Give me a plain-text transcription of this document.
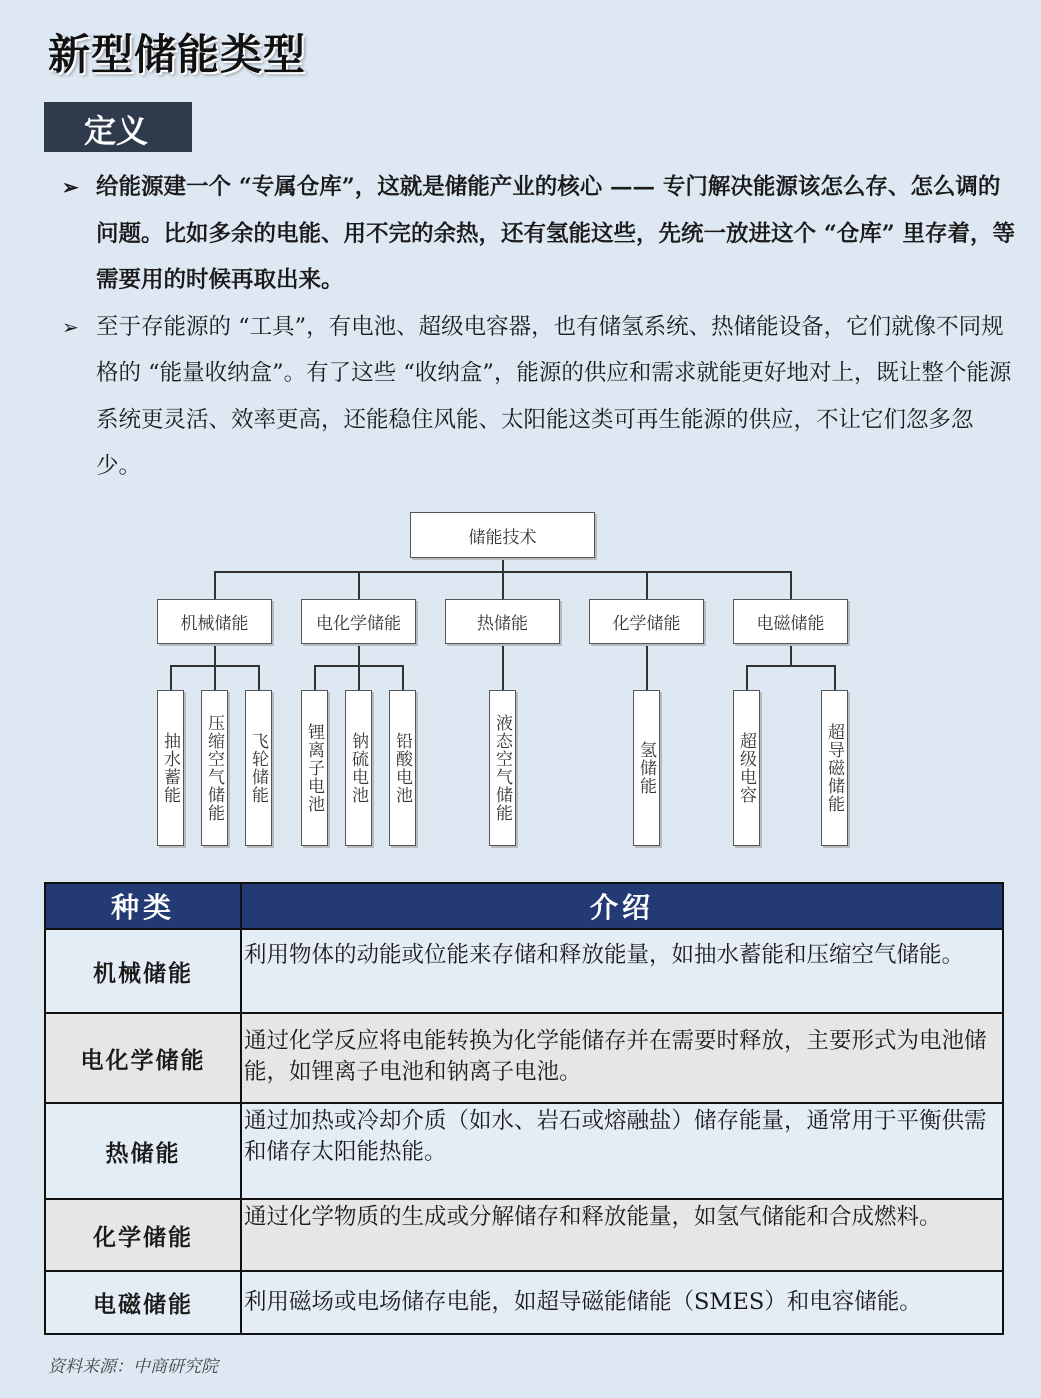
新型储能类型
定义
➢ 给能源建一个 “专属仓库”，这就是储能产业的核心 —— 专门解决能源该怎么存、怎么调的问题。比如多余的电能、用不完的余热，还有氢能这些，先统一放进这个 “仓库” 里存着，等需要用的时候再取出来。
➢ 至于存能源的 “工具”，有电池、超级电容器，也有储氢系统、热储能设备，它们就像不同规格的 “能量收纳盒”。有了这些 “收纳盒”，能源的供应和需求就能更好地对上，既让整个能源系统更灵活、效率更高，还能稳住风能、太阳能这类可再生能源的供应，不让它们忽多忽少。
储能技术
机械储能	电化学储能	热储能	化学储能	电磁储能
抽水蓄能 压缩空气储能 飞轮储能 锂离子电池 钠硫电池 铅酸电池	液态空气储能	氢储能	超级电容	超导磁储能
种类	介绍
机械储能	利用物体的动能或位能来存储和释放能量，如抽水蓄能和压缩空气储能。
电化学储能	通过化学反应将电能转换为化学能储存并在需要时释放，主要形式为电池储能，如锂离子电池和钠离子电池。
热储能	通过加热或冷却介质（如水、岩石或熔融盐）储存能量，通常用于平衡供需和储存太阳能热能。
化学储能	通过化学物质的生成或分解储存和释放能量，如氢气储能和合成燃料。
电磁储能	利用磁场或电场储存电能，如超导磁能储能（SMES）和电容储能。
资料来源：中商研究院
